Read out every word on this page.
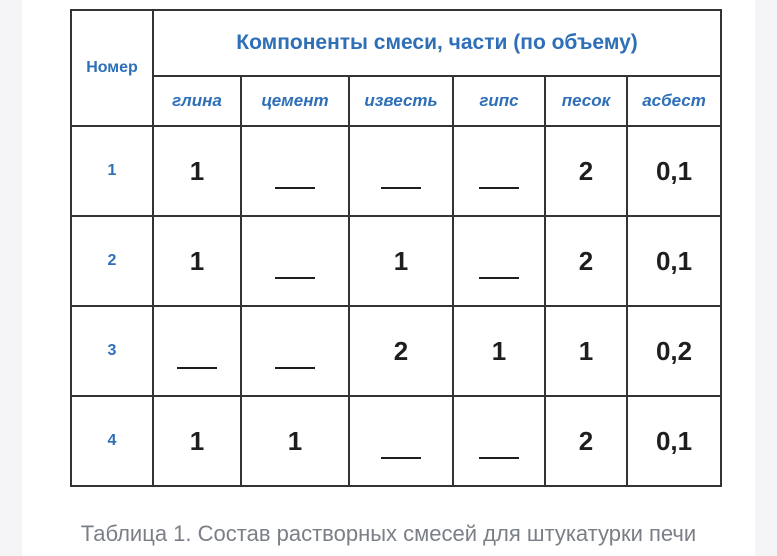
Номер	Компоненты смеси, части (по объему)					
	глина	цемент	известь	гипс	песок	асбест
1	1				2	0,1
2	1		1		2	0,1
3			2	1	1	0,2
4	1	1			2	0,1
Таблица 1. Состав растворных смесей для штукатурки печи
